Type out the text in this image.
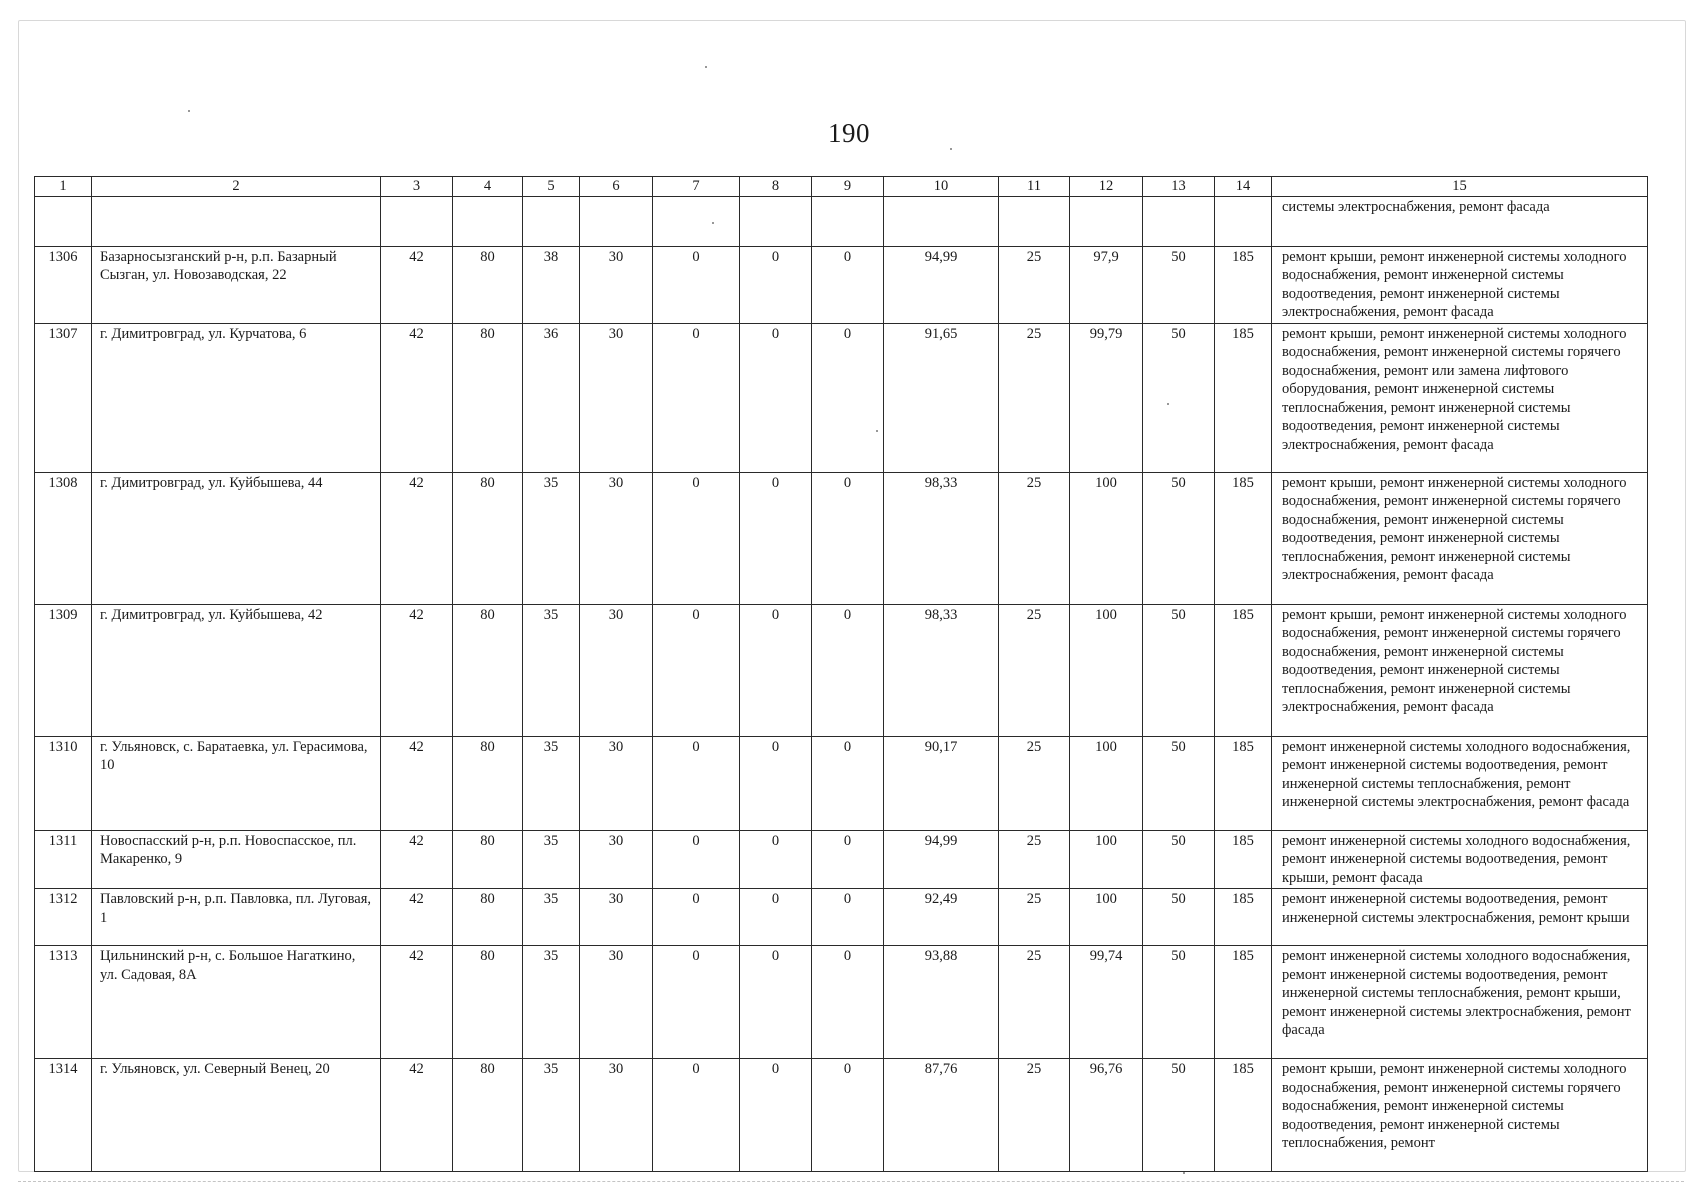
190
1	2	3	4	5	6	7	8	9	10	11	12	13	14	15
														системы электроснабжения, ремонт фасада
1306	Базарносызганский р-н, р.п. Базарный Сызган, ул. Новозаводская, 22	42	80	38	30	0	0	0	94,99	25	97,9	50	185	ремонт крыши, ремонт инженерной системы холодного водоснабжения, ремонт инженерной системы водоотведения, ремонт инженерной системы электроснабжения, ремонт фасада
1307	г. Димитровград, ул. Курчатова, 6	42	80	36	30	0	0	0	91,65	25	99,79	50	185	ремонт крыши, ремонт инженерной системы холодного водоснабжения, ремонт инженерной системы горячего водоснабжения, ремонт или замена лифтового оборудования, ремонт инженерной системы теплоснабжения, ремонт инженерной системы водоотведения, ремонт инженерной системы электроснабжения, ремонт фасада
1308	г. Димитровград, ул. Куйбышева, 44	42	80	35	30	0	0	0	98,33	25	100	50	185	ремонт крыши, ремонт инженерной системы холодного водоснабжения, ремонт инженерной системы горячего водоснабжения, ремонт инженерной системы водоотведения, ремонт инженерной системы теплоснабжения, ремонт инженерной системы электроснабжения, ремонт фасада
1309	г. Димитровград, ул. Куйбышева, 42	42	80	35	30	0	0	0	98,33	25	100	50	185	ремонт крыши, ремонт инженерной системы холодного водоснабжения, ремонт инженерной системы горячего водоснабжения, ремонт инженерной системы водоотведения, ремонт инженерной системы теплоснабжения, ремонт инженерной системы электроснабжения, ремонт фасада
1310	г. Ульяновск, с. Баратаевка, ул. Герасимова, 10	42	80	35	30	0	0	0	90,17	25	100	50	185	ремонт инженерной системы холодного водоснабжения, ремонт инженерной системы водоотведения, ремонт инженерной системы теплоснабжения, ремонт инженерной системы электроснабжения, ремонт фасада
1311	Новоспасский р-н, р.п. Новоспасское, пл. Макаренко, 9	42	80	35	30	0	0	0	94,99	25	100	50	185	ремонт инженерной системы холодного водоснабжения, ремонт инженерной системы водоотведения, ремонт крыши, ремонт фасада
1312	Павловский р-н, р.п. Павловка, пл. Луговая, 1	42	80	35	30	0	0	0	92,49	25	100	50	185	ремонт инженерной системы водоотведения, ремонт инженерной системы электроснабжения, ремонт крыши
1313	Цильнинский р-н, с. Большое Нагаткино, ул. Садовая, 8А	42	80	35	30	0	0	0	93,88	25	99,74	50	185	ремонт инженерной системы холодного водоснабжения, ремонт инженерной системы водоотведения, ремонт инженерной системы теплоснабжения, ремонт крыши, ремонт инженерной системы электроснабжения, ремонт фасада
1314	г. Ульяновск, ул. Северный Венец, 20	42	80	35	30	0	0	0	87,76	25	96,76	50	185	ремонт крыши, ремонт инженерной системы холодного водоснабжения, ремонт инженерной системы горячего водоснабжения, ремонт инженерной системы водоотведения, ремонт инженерной системы теплоснабжения, ремонт
